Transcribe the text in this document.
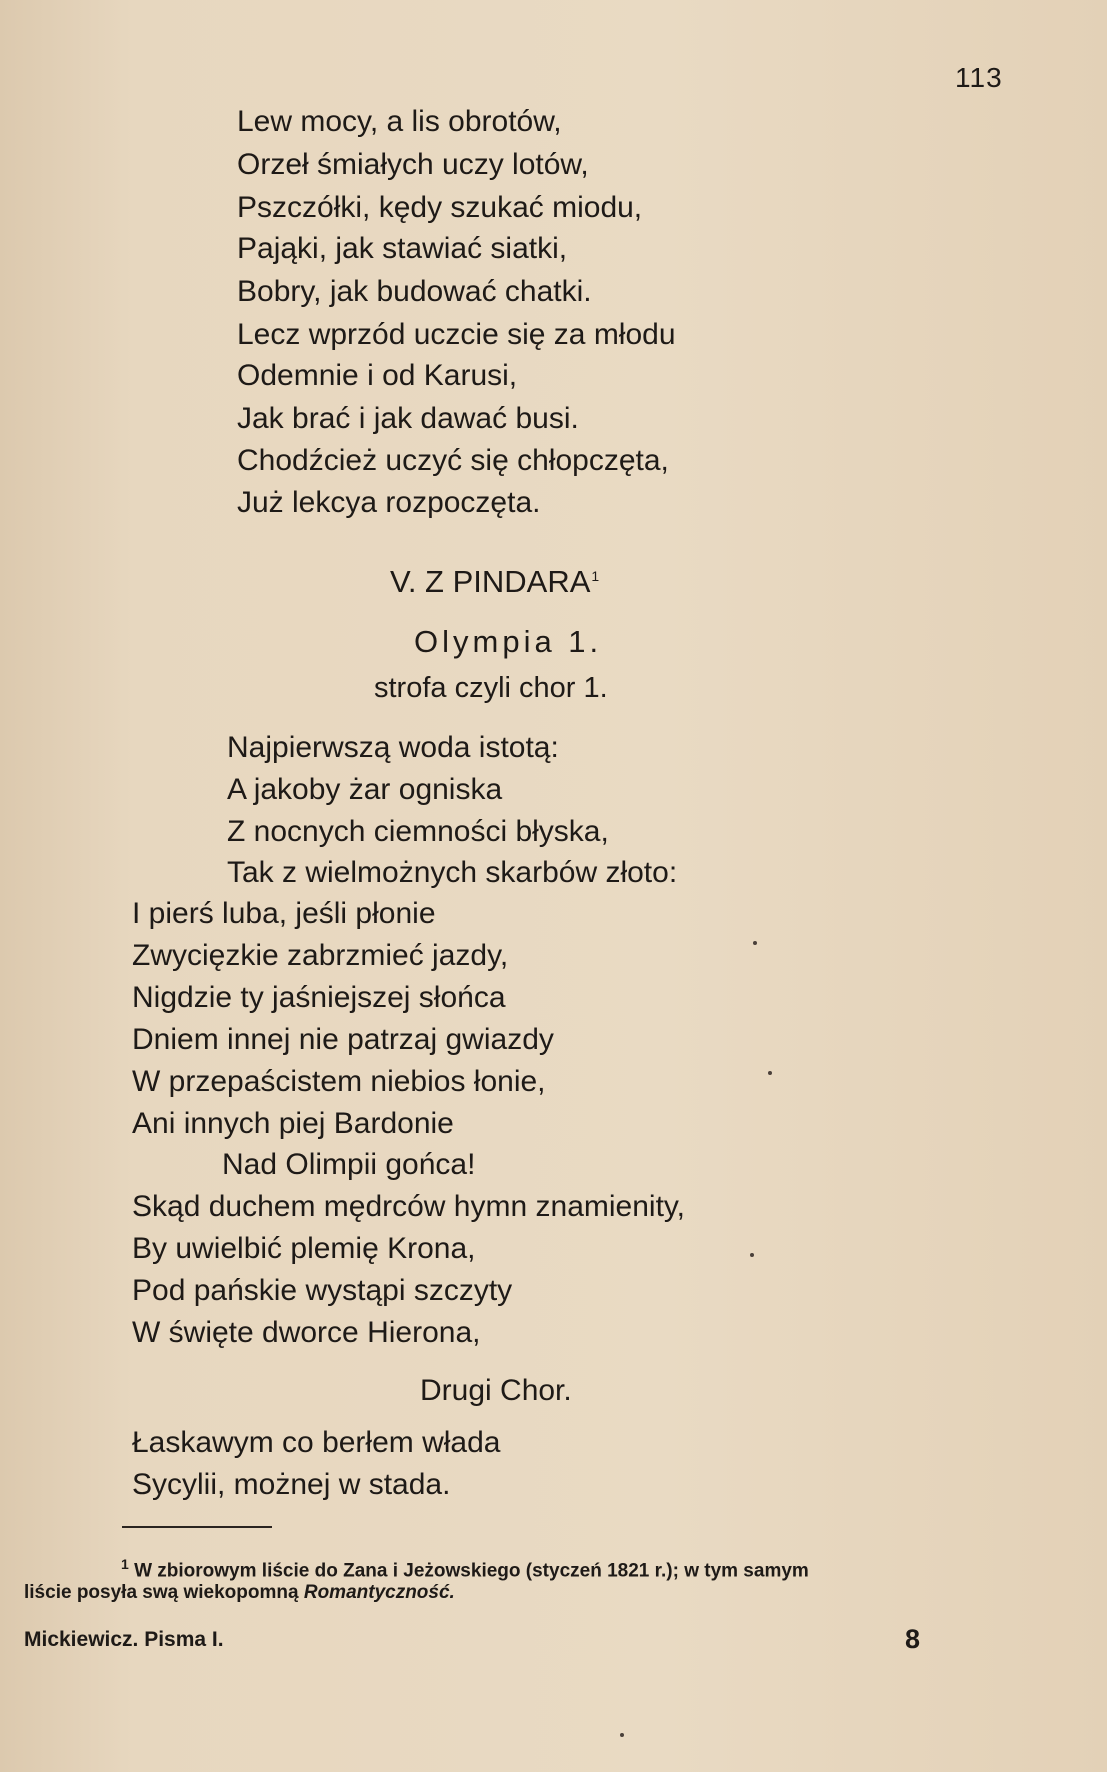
113
Lew mocy, a lis obrotów,
Orzeł śmiałych uczy lotów,
Pszczółki, kędy szukać miodu,
Pająki, jak stawiać siatki,
Bobry, jak budować chatki.
Lecz wprzód uczcie się za młodu
Odemnie i od Karusi,
Jak brać i jak dawać busi.
Chodźcież uczyć się chłopczęta,
Już lekcya rozpoczęta.
V. Z PINDARA$^1$
Olympia 1.
strofa czyli chor 1.
Najpierwszą woda istotą:
A jakoby żar ogniska
Z nocnych ciemności błyska,
Tak z wielmożnych skarbów złoto:
I pierś luba, jeśli płonie
Zwycięzkie zabrzmieć jazdy,
Nigdzie ty jaśniejszej słońca
Dniem innej nie patrzaj gwiazdy
W przepaścistem niebios łonie,
Ani innych piej Bardonie
Nad Olimpii gońca!
Skąd duchem mędrców hymn znamienity,
By uwielbić plemię Krona,
Pod pańskie wystąpi szczyty
W święte dworce Hierona,
Drugi Chor.
Łaskawym co berłem włada
Sycylii, możnej w stada.
$^1$ W zbiorowym liście do Zana i Jeżowskiego (styczeń 1821 r.); w tym samym
liście posyła swą wiekopomną Romantyczność.
Mickiewicz. Pisma I.	8
